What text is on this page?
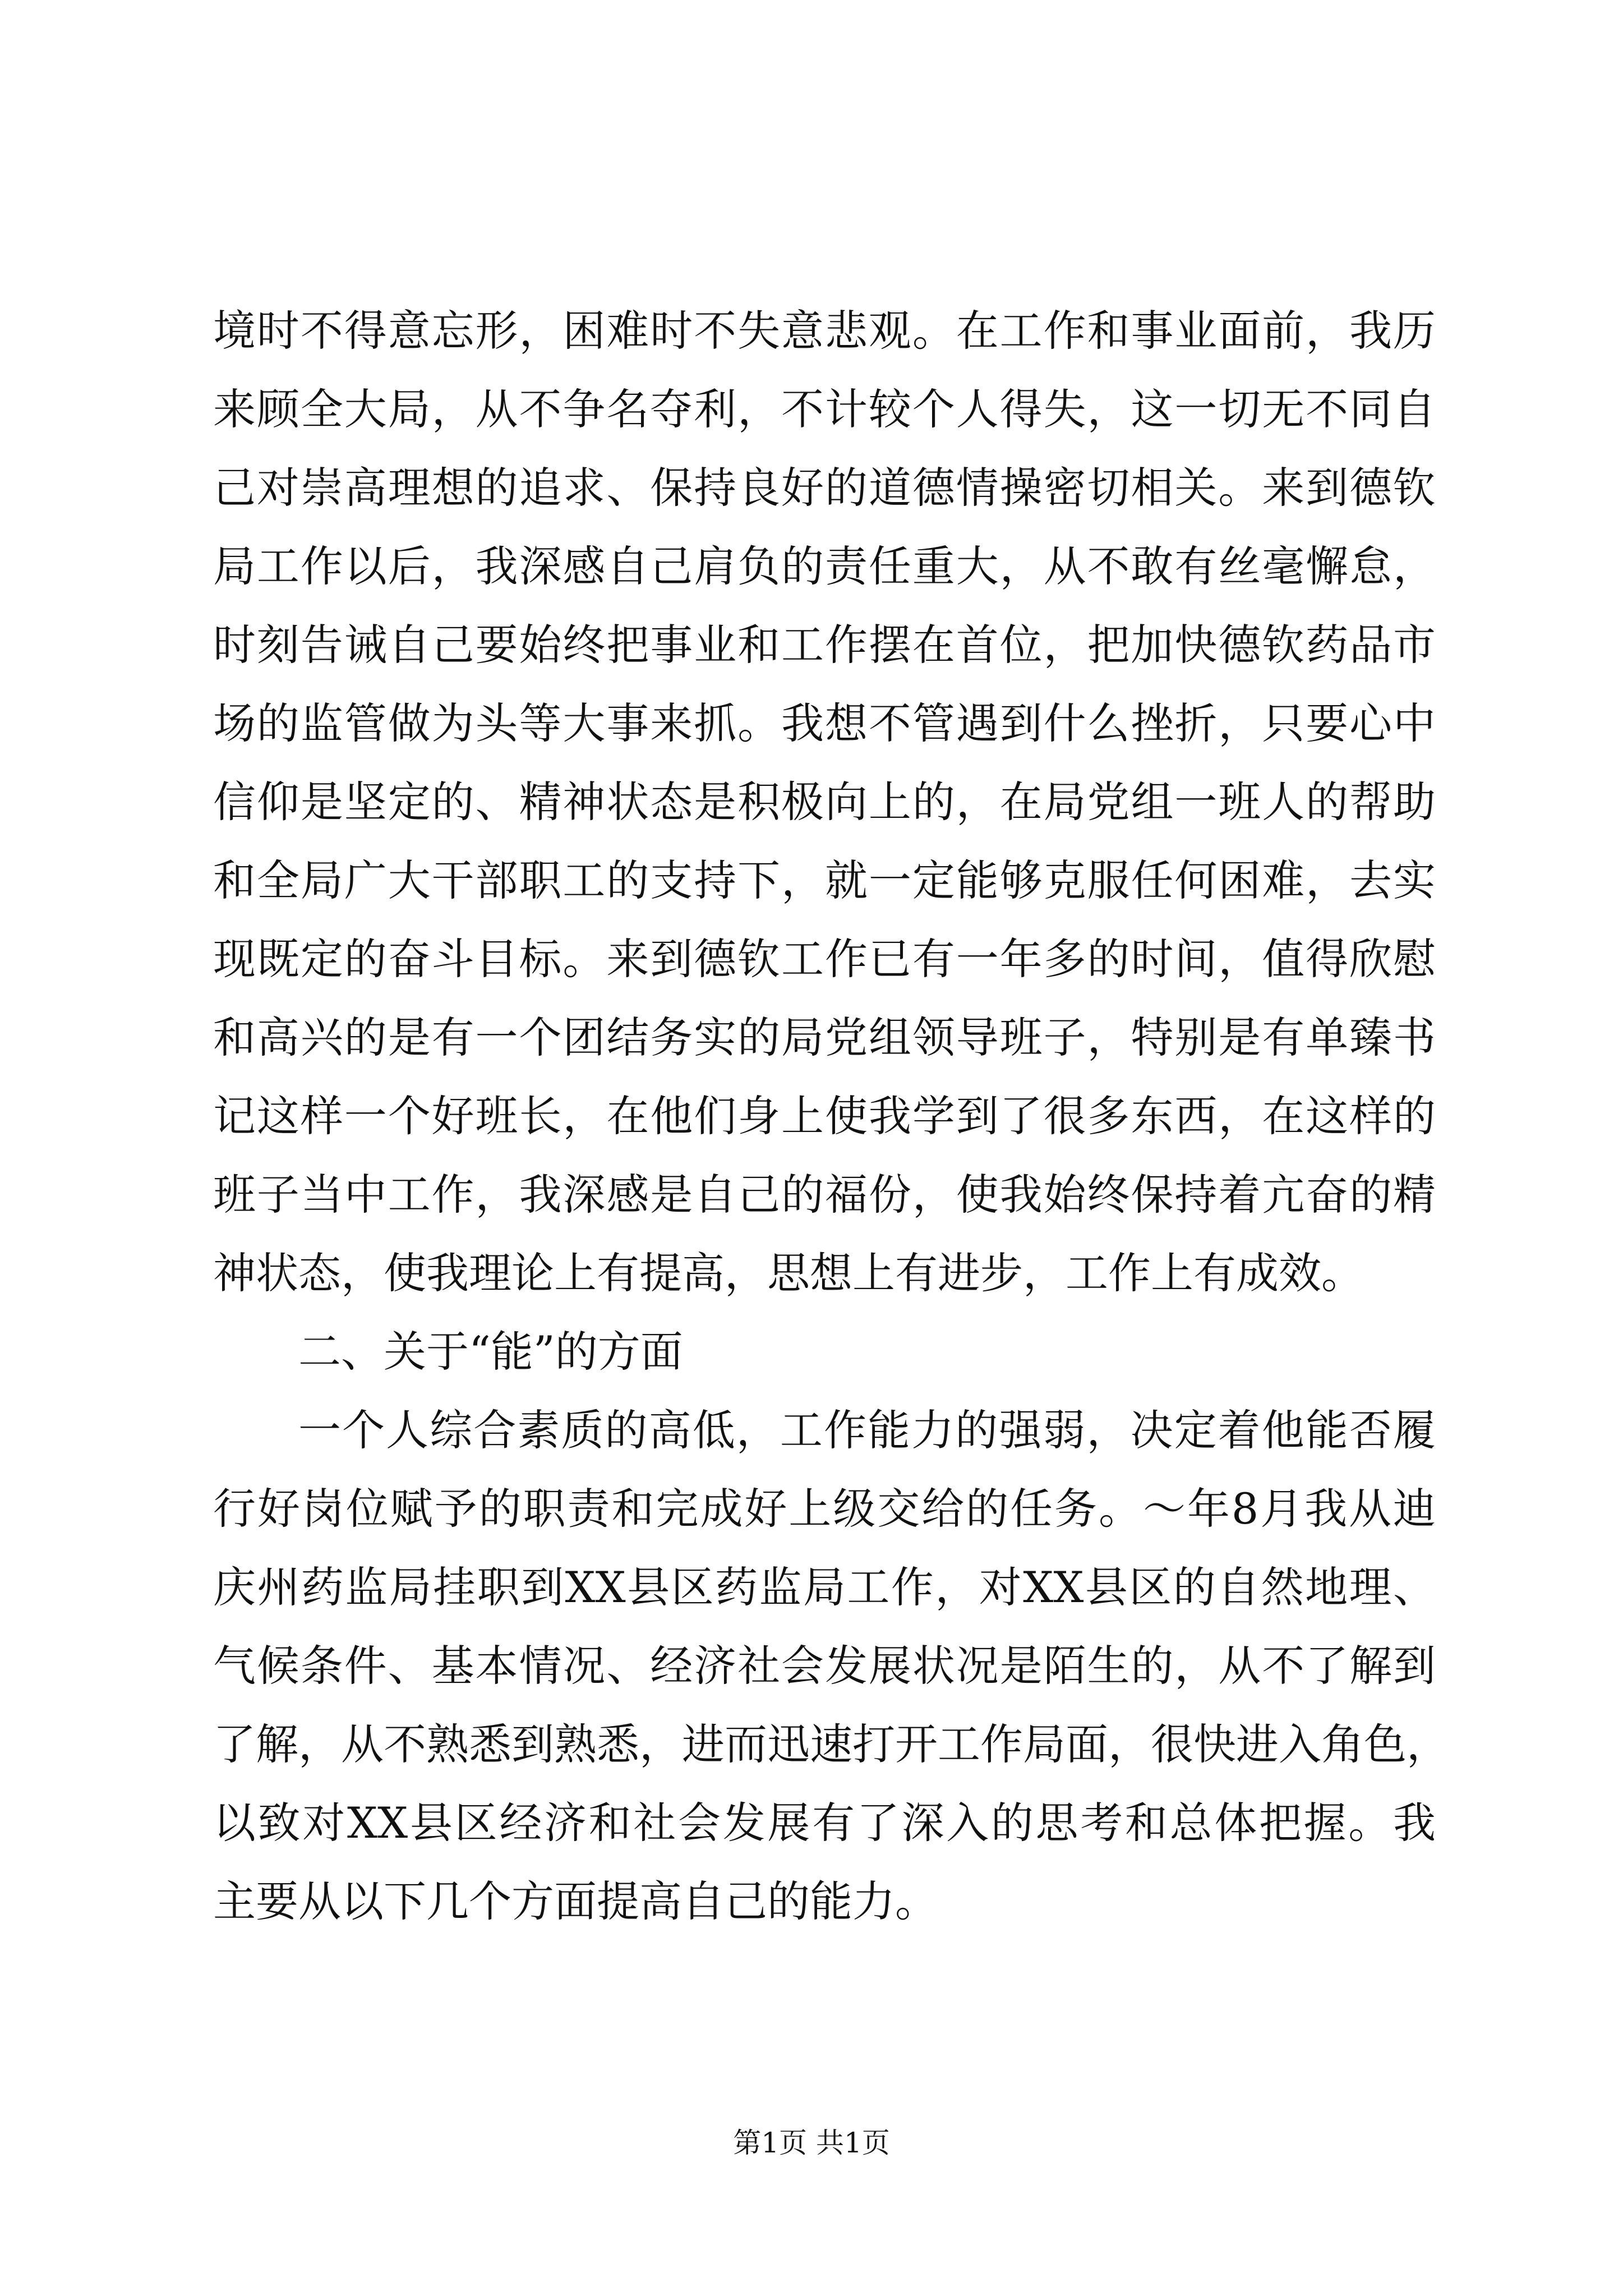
境时不得意忘形，困难时不失意悲观。在工作和事业面前，我历
来顾全大局，从不争名夺利，不计较个人得失，这一切无不同自
己对崇高理想的追求、保持良好的道德情操密切相关。来到德钦
局工作以后，我深感自己肩负的责任重大，从不敢有丝毫懈怠，
时刻告诫自己要始终把事业和工作摆在首位，把加快德钦药品市
场的监管做为头等大事来抓。我想不管遇到什么挫折，只要心中
信仰是坚定的、精神状态是积极向上的，在局党组一班人的帮助
和全局广大干部职工的支持下，就一定能够克服任何困难，去实
现既定的奋斗目标。来到德钦工作已有一年多的时间，值得欣慰
和高兴的是有一个团结务实的局党组领导班子，特别是有单臻书
记这样一个好班长，在他们身上使我学到了很多东西，在这样的
班子当中工作，我深感是自己的福份，使我始终保持着亢奋的精
神状态，使我理论上有提高，思想上有进步，工作上有成效。
二、关于“能”的方面
一个人综合素质的高低，工作能力的强弱，决定着他能否履
行好岗位赋予的职责和完成好上级交给的任务。～年8月我从迪
庆州药监局挂职到XX县区药监局工作，对XX县区的自然地理、
气候条件、基本情况、经济社会发展状况是陌生的，从不了解到
了解，从不熟悉到熟悉，进而迅速打开工作局面，很快进入角色，
以致对XX县区经济和社会发展有了深入的思考和总体把握。我
主要从以下几个方面提高自己的能力。
第1页 共1页
